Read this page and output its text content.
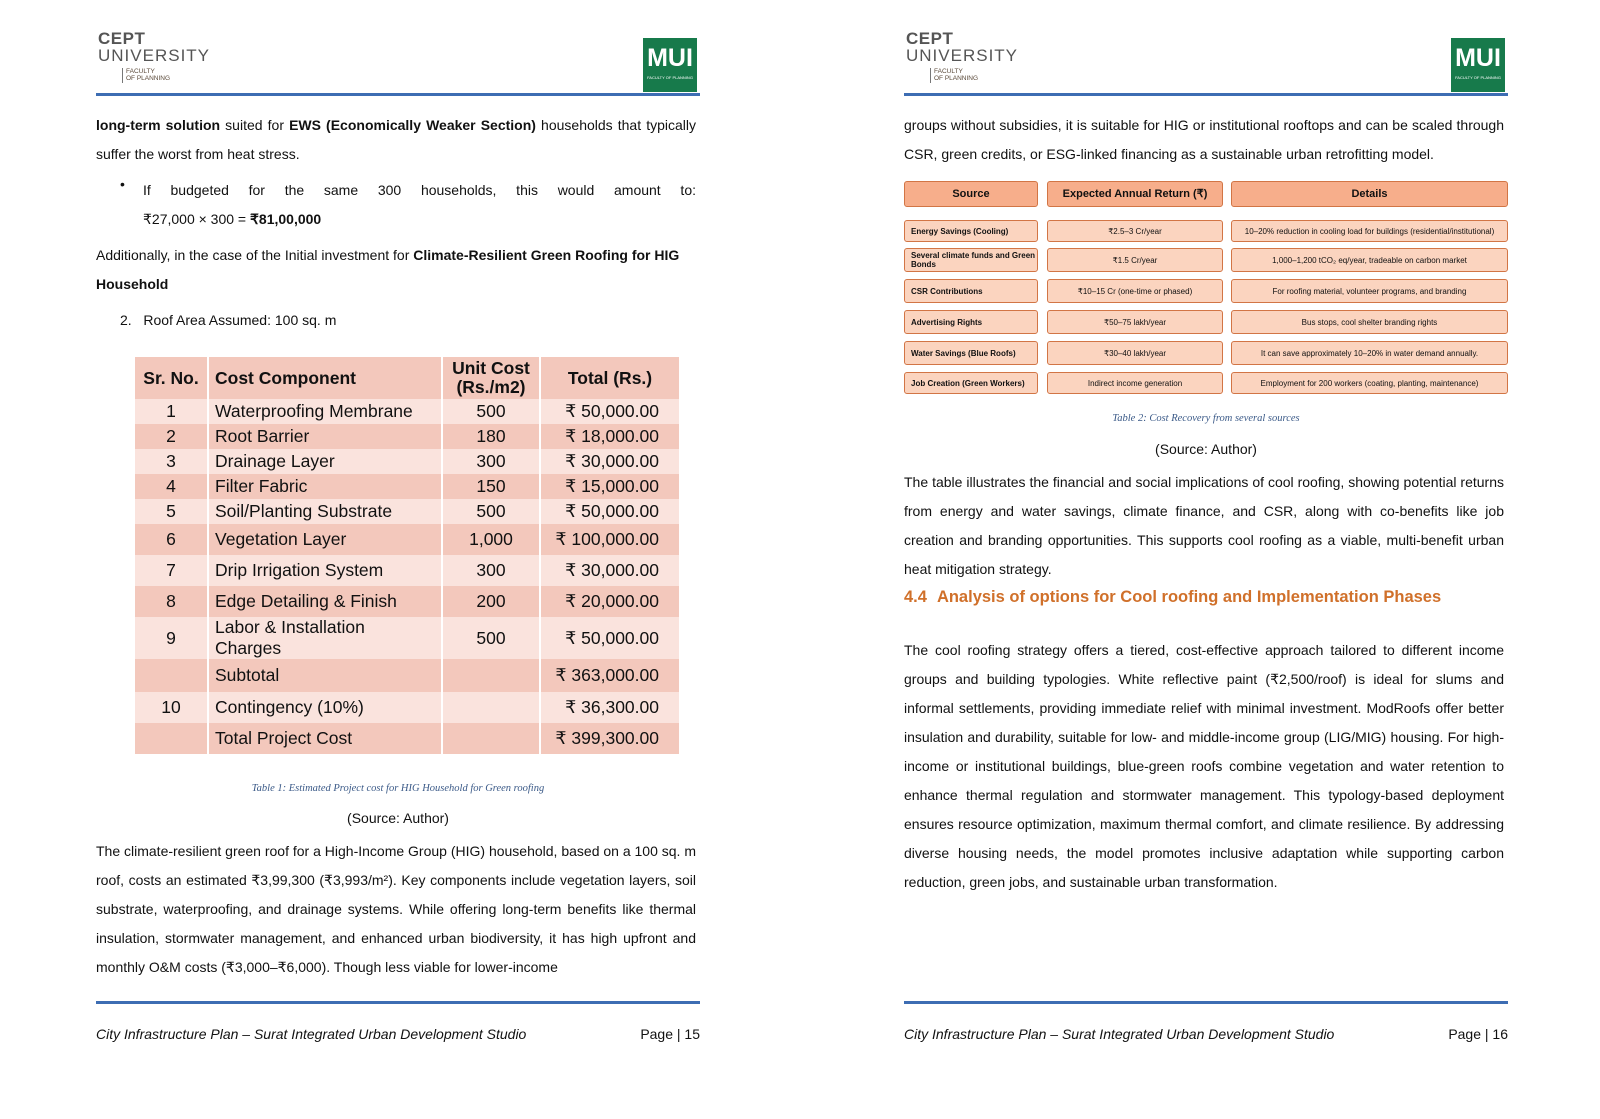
CEPT
UNIVERSITY
FACULTY
OF PLANNING
MUI
FACULTY OF PLANNING
long-term solution suited for EWS (Economically Weaker Section) households that typically suffer the worst from heat stress.
• If budgeted for the same 300 households, this would amount to:
₹27,000 × 300 = ₹81,00,000
Additionally, in the case of the Initial investment for Climate-Resilient Green Roofing for HIG Household
2. Roof Area Assumed: 100 sq. m
Sr. No.	Cost Component	Unit Cost (Rs./m2)	Total (Rs.)
1	Waterproofing Membrane	500	₹ 50,000.00
2	Root Barrier	180	₹ 18,000.00
3	Drainage Layer	300	₹ 30,000.00
4	Filter Fabric	150	₹ 15,000.00
5	Soil/Planting Substrate	500	₹ 50,000.00
6	Vegetation Layer	1,000	₹ 100,000.00
7	Drip Irrigation System	300	₹ 30,000.00
8	Edge Detailing & Finish	200	₹ 20,000.00
9	Labor & Installation Charges	500	₹ 50,000.00
	Subtotal		₹ 363,000.00
10	Contingency (10%)		₹ 36,300.00
	Total Project Cost		₹ 399,300.00
Table 1: Estimated Project cost for HIG Household for Green roofing
(Source: Author)
The climate-resilient green roof for a High-Income Group (HIG) household, based on a 100 sq. m roof, costs an estimated ₹3,99,300 (₹3,993/m²). Key components include vegetation layers, soil substrate, waterproofing, and drainage systems. While offering long-term benefits like thermal insulation, stormwater management, and enhanced urban biodiversity, it has high upfront and monthly O&M costs (₹3,000–₹6,000). Though less viable for lower-income
City Infrastructure Plan – Surat Integrated Urban Development Studio	Page | 15
CEPT
UNIVERSITY
FACULTY
OF PLANNING
MUI
FACULTY OF PLANNING
groups without subsidies, it is suitable for HIG or institutional rooftops and can be scaled through CSR, green credits, or ESG-linked financing as a sustainable urban retrofitting model.
Source	Expected Annual Return (₹)	Details
Energy Savings (Cooling)	₹2.5–3 Cr/year	10–20% reduction in cooling load for buildings (residential/institutional)
Several climate funds and Green Bonds	₹1.5 Cr/year	1,000–1,200 tCO₂ eq/year, tradeable on carbon market
CSR Contributions	₹10–15 Cr (one-time or phased)	For roofing material, volunteer programs, and branding
Advertising Rights	₹50–75 lakh/year	Bus stops, cool shelter branding rights
Water Savings (Blue Roofs)	₹30–40 lakh/year	It can save approximately 10–20% in water demand annually.
Job Creation (Green Workers)	Indirect income generation	Employment for 200 workers (coating, planting, maintenance)
Table 2: Cost Recovery from several sources
(Source: Author)
The table illustrates the financial and social implications of cool roofing, showing potential returns from energy and water savings, climate finance, and CSR, along with co-benefits like job creation and branding opportunities. This supports cool roofing as a viable, multi-benefit urban heat mitigation strategy.
4.4 Analysis of options for Cool roofing and Implementation Phases
The cool roofing strategy offers a tiered, cost-effective approach tailored to different income groups and building typologies. White reflective paint (₹2,500/roof) is ideal for slums and informal settlements, providing immediate relief with minimal investment. ModRoofs offer better insulation and durability, suitable for low- and middle-income group (LIG/MIG) housing. For high-income or institutional buildings, blue-green roofs combine vegetation and water retention to enhance thermal regulation and stormwater management. This typology-based deployment ensures resource optimization, maximum thermal comfort, and climate resilience. By addressing diverse housing needs, the model promotes inclusive adaptation while supporting carbon reduction, green jobs, and sustainable urban transformation.
City Infrastructure Plan – Surat Integrated Urban Development Studio	Page | 16
